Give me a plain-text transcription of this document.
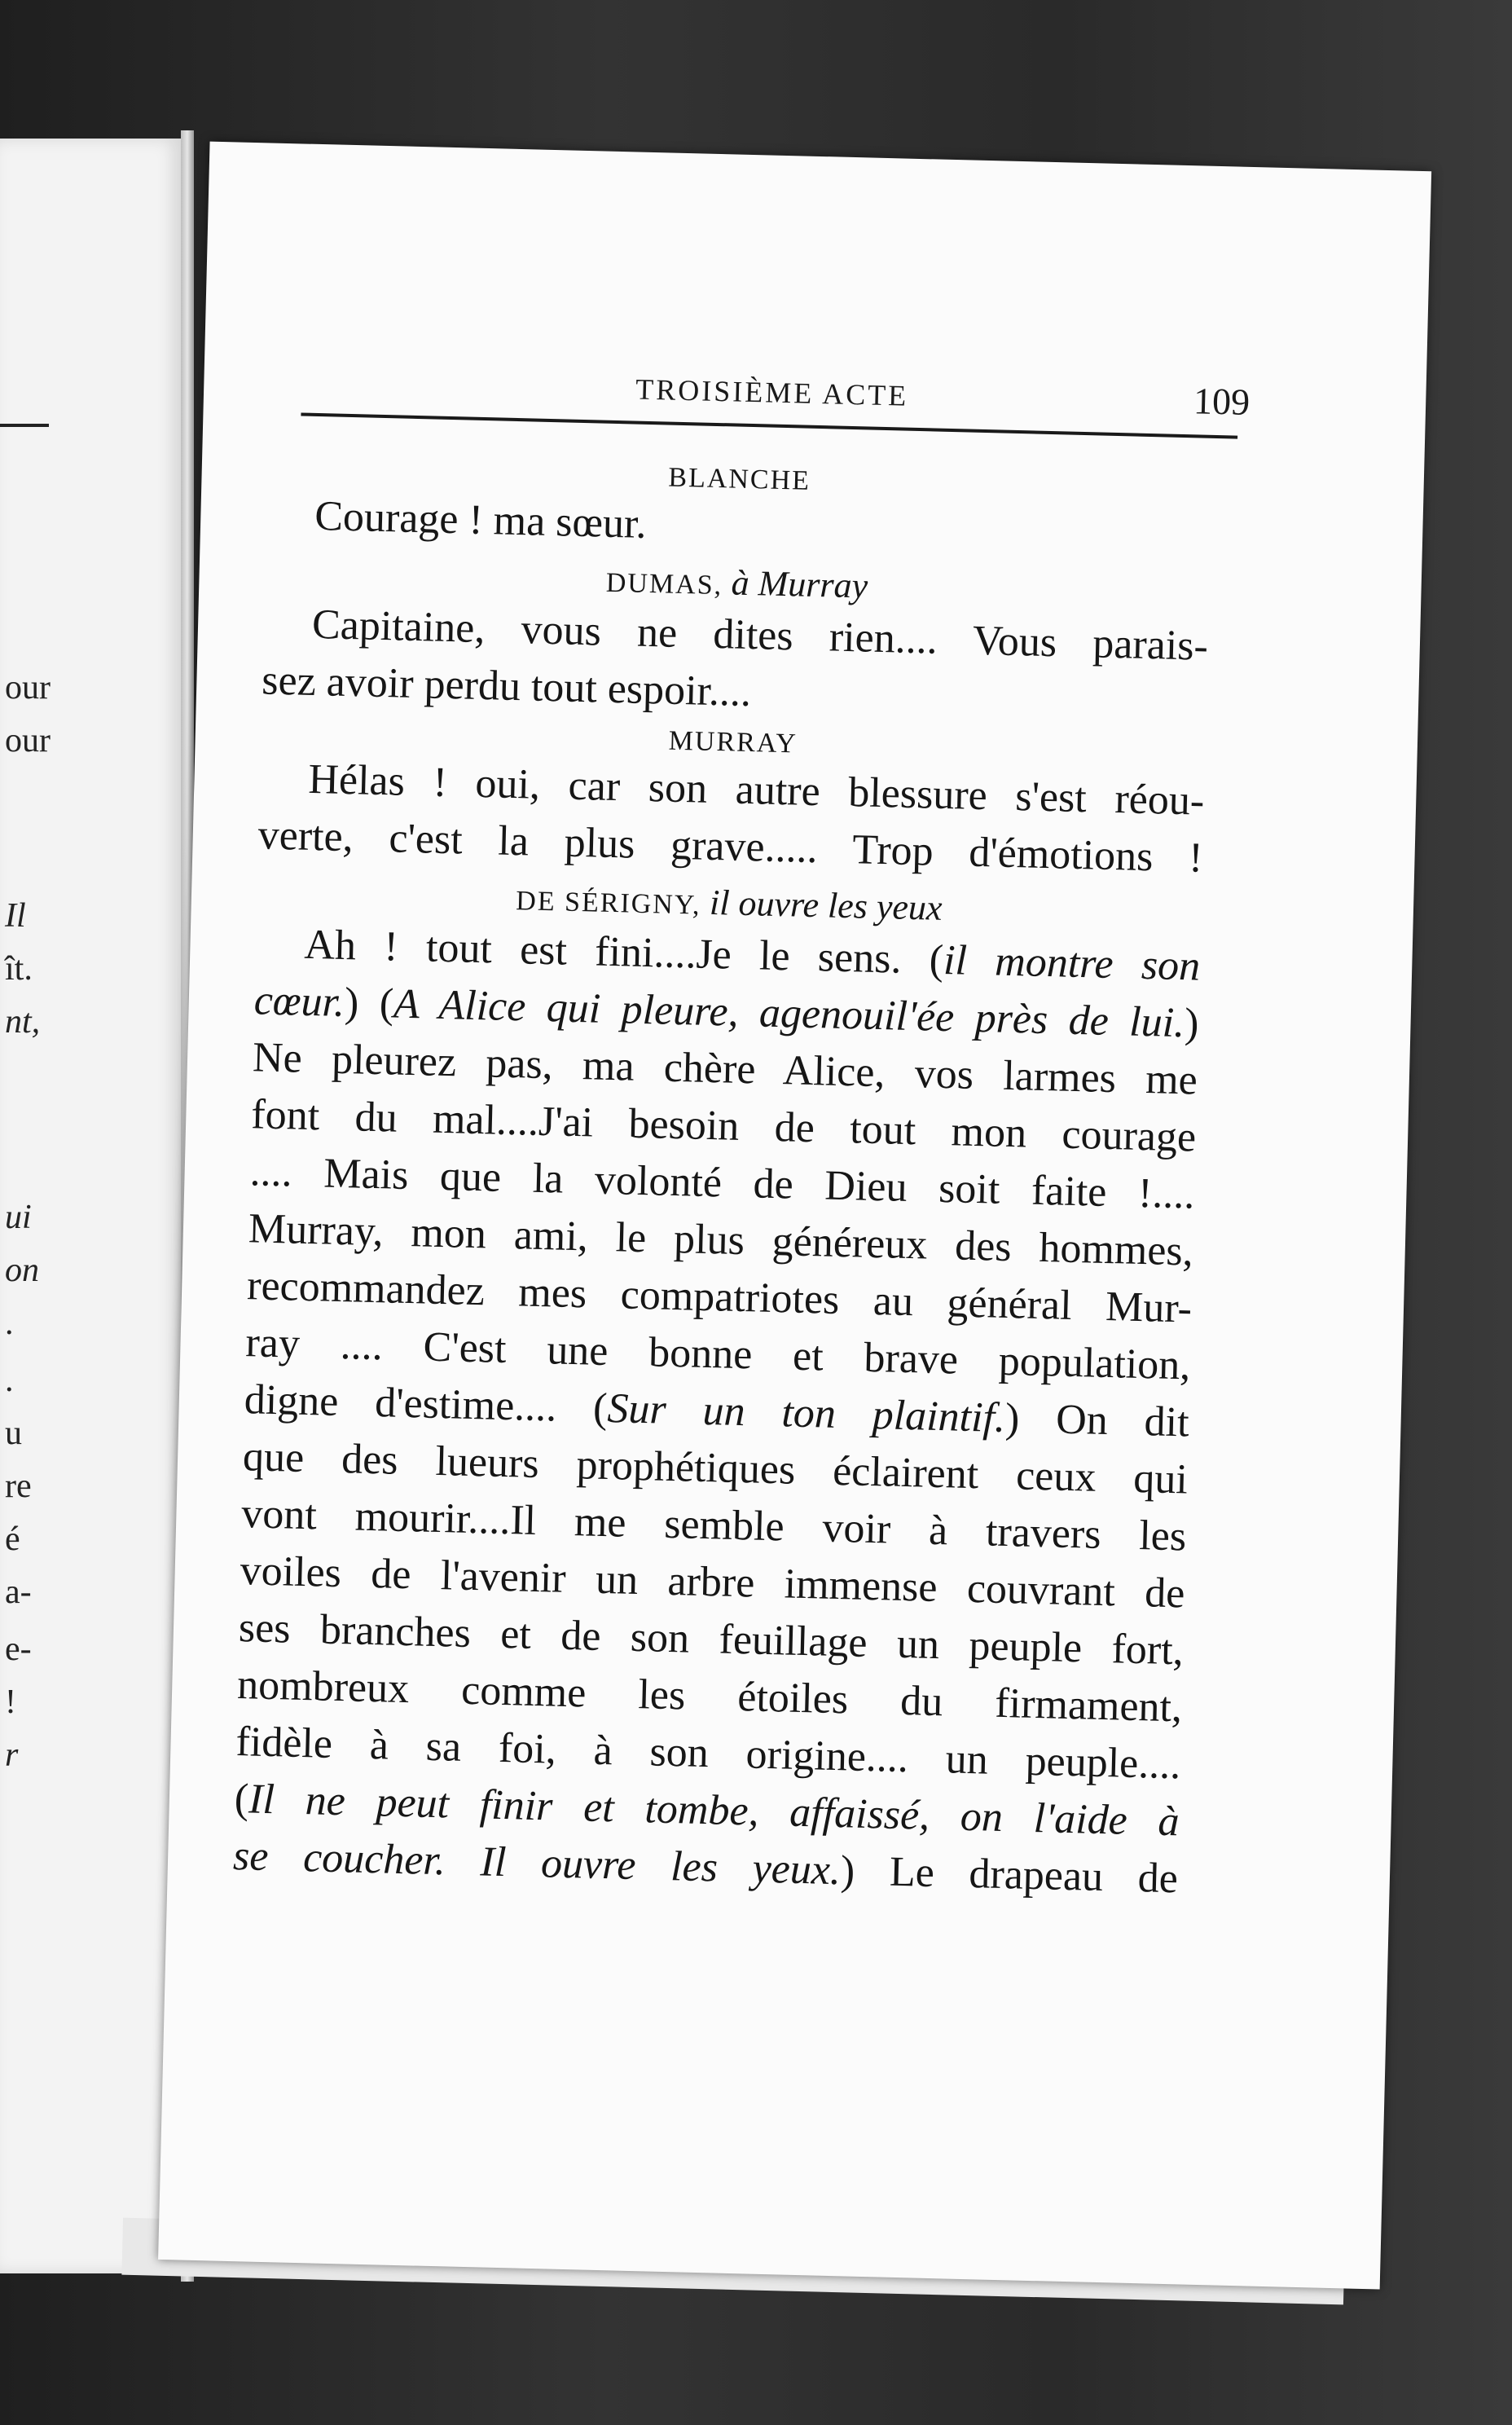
our
our
Il
ît.
nt,
ui
on
.
.
u
re
é
a-
e-
!
r
TROISIÈME ACTE	109
BLANCHE
Courage ! ma sœur.
DUMAS, à Murray
Capitaine, vous ne dites rien.... Vous parais-
sez avoir perdu tout espoir....
MURRAY
Hélas ! oui, car son autre blessure s'est réou-
verte, c'est la plus grave..... Trop d'émotions !
DE SÉRIGNY, il ouvre les yeux
Ah ! tout est fini....Je le sens. (il montre son
cœur.) (A Alice qui pleure, agenouil'ée près de lui.)
Ne pleurez pas, ma chère Alice, vos larmes me
font du mal....J'ai besoin de tout mon courage
.... Mais que la volonté de Dieu soit faite !....
Murray, mon ami, le plus généreux des hommes,
recommandez mes compatriotes au général Mur-
ray .... C'est une bonne et brave population,
digne d'estime.... (Sur un ton plaintif.) On dit
que des lueurs prophétiques éclairent ceux qui
vont mourir....Il me semble voir à travers les
voiles de l'avenir un arbre immense couvrant de
ses branches et de son feuillage un peuple fort,
nombreux comme les étoiles du firmament,
fidèle à sa foi, à son origine.... un peuple....
(Il ne peut finir et tombe, affaissé, on l'aide à
se coucher. Il ouvre les yeux.) Le drapeau de
